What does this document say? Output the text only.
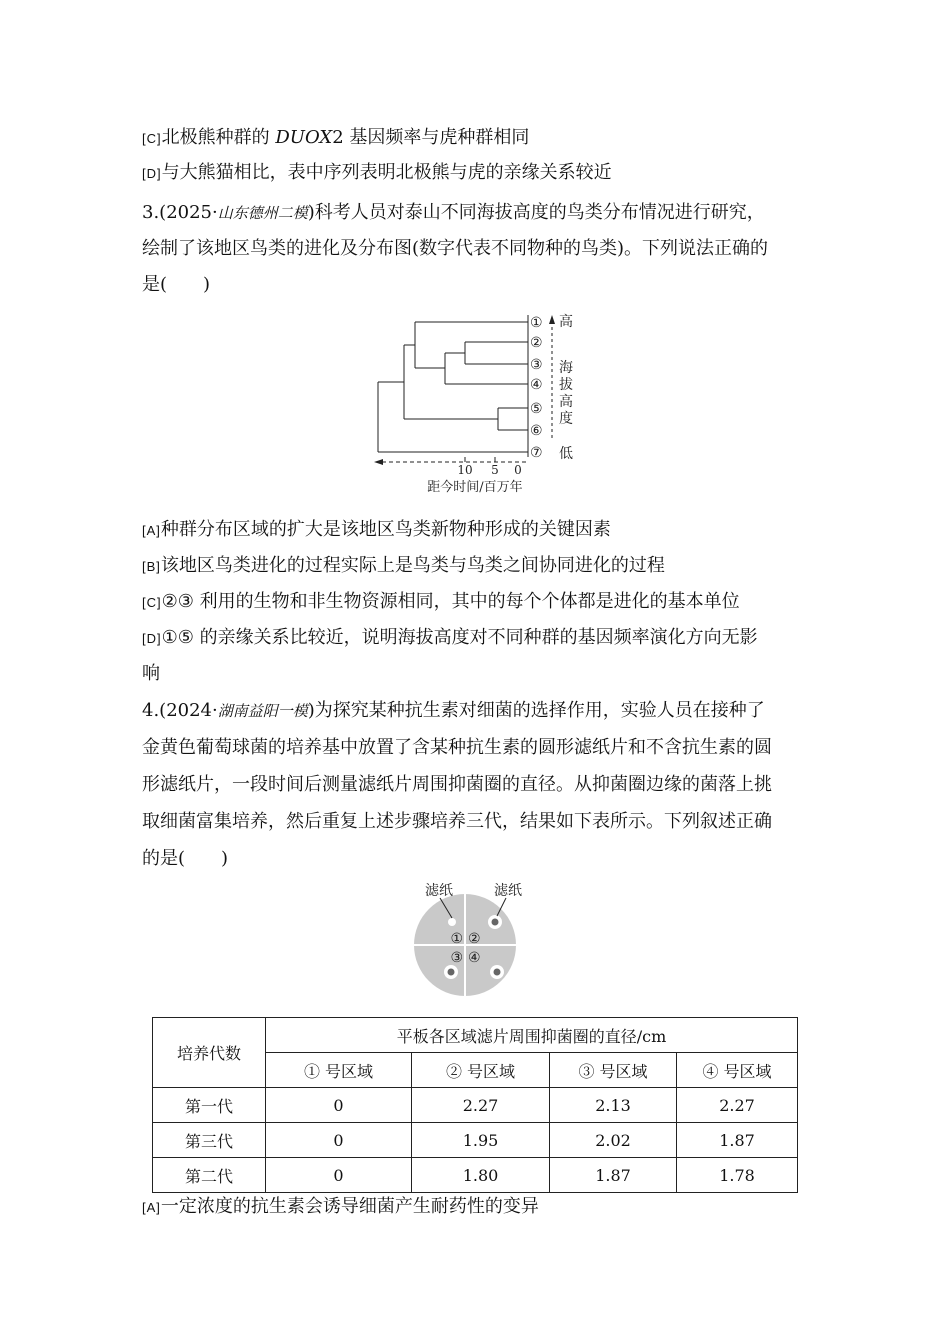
[C]北极熊种群的 DUOX2 基因频率与虎种群相同
[D]与大熊猫相比，表中序列表明北极熊与虎的亲缘关系较近
3.(2025·山东德州二模)科考人员对泰山不同海拔高度的鸟类分布情况进行研究，
绘制了该地区鸟类的进化及分布图(数字代表不同物种的鸟类)。下列说法正确的
是(　　)
①
②
③
④
⑤
⑥
⑦
高
海
拔
高
度
低
10 5 0
距今时间/百万年
[A]种群分布区域的扩大是该地区鸟类新物种形成的关键因素
[B]该地区鸟类进化的过程实际上是鸟类与鸟类之间协同进化的过程
[C]②③ 利用的生物和非生物资源相同，其中的每个个体都是进化的基本单位
[D]①⑤ 的亲缘关系比较近，说明海拔高度对不同种群的基因频率演化方向无影
响
4.(2024·湖南益阳一模)为探究某种抗生素对细菌的选择作用，实验人员在接种了
金黄色葡萄球菌的培养基中放置了含某种抗生素的圆形滤纸片和不含抗生素的圆
形滤纸片，一段时间后测量滤纸片周围抑菌圈的直径。从抑菌圈边缘的菌落上挑
取细菌富集培养，然后重复上述步骤培养三代，结果如下表所示。下列叙述正确
的是(　　)
滤纸	滤纸
① ②
③ ④
培养代数	平板各区域滤片周围抑菌圈的直径/cm			
	① 号区域	② 号区域	③ 号区域	④ 号区域
第一代	0	2.27	2.13	2.27
第三代	0	1.95	2.02	1.87
第二代	0	1.80	1.87	1.78
[A]一定浓度的抗生素会诱导细菌产生耐药性的变异
